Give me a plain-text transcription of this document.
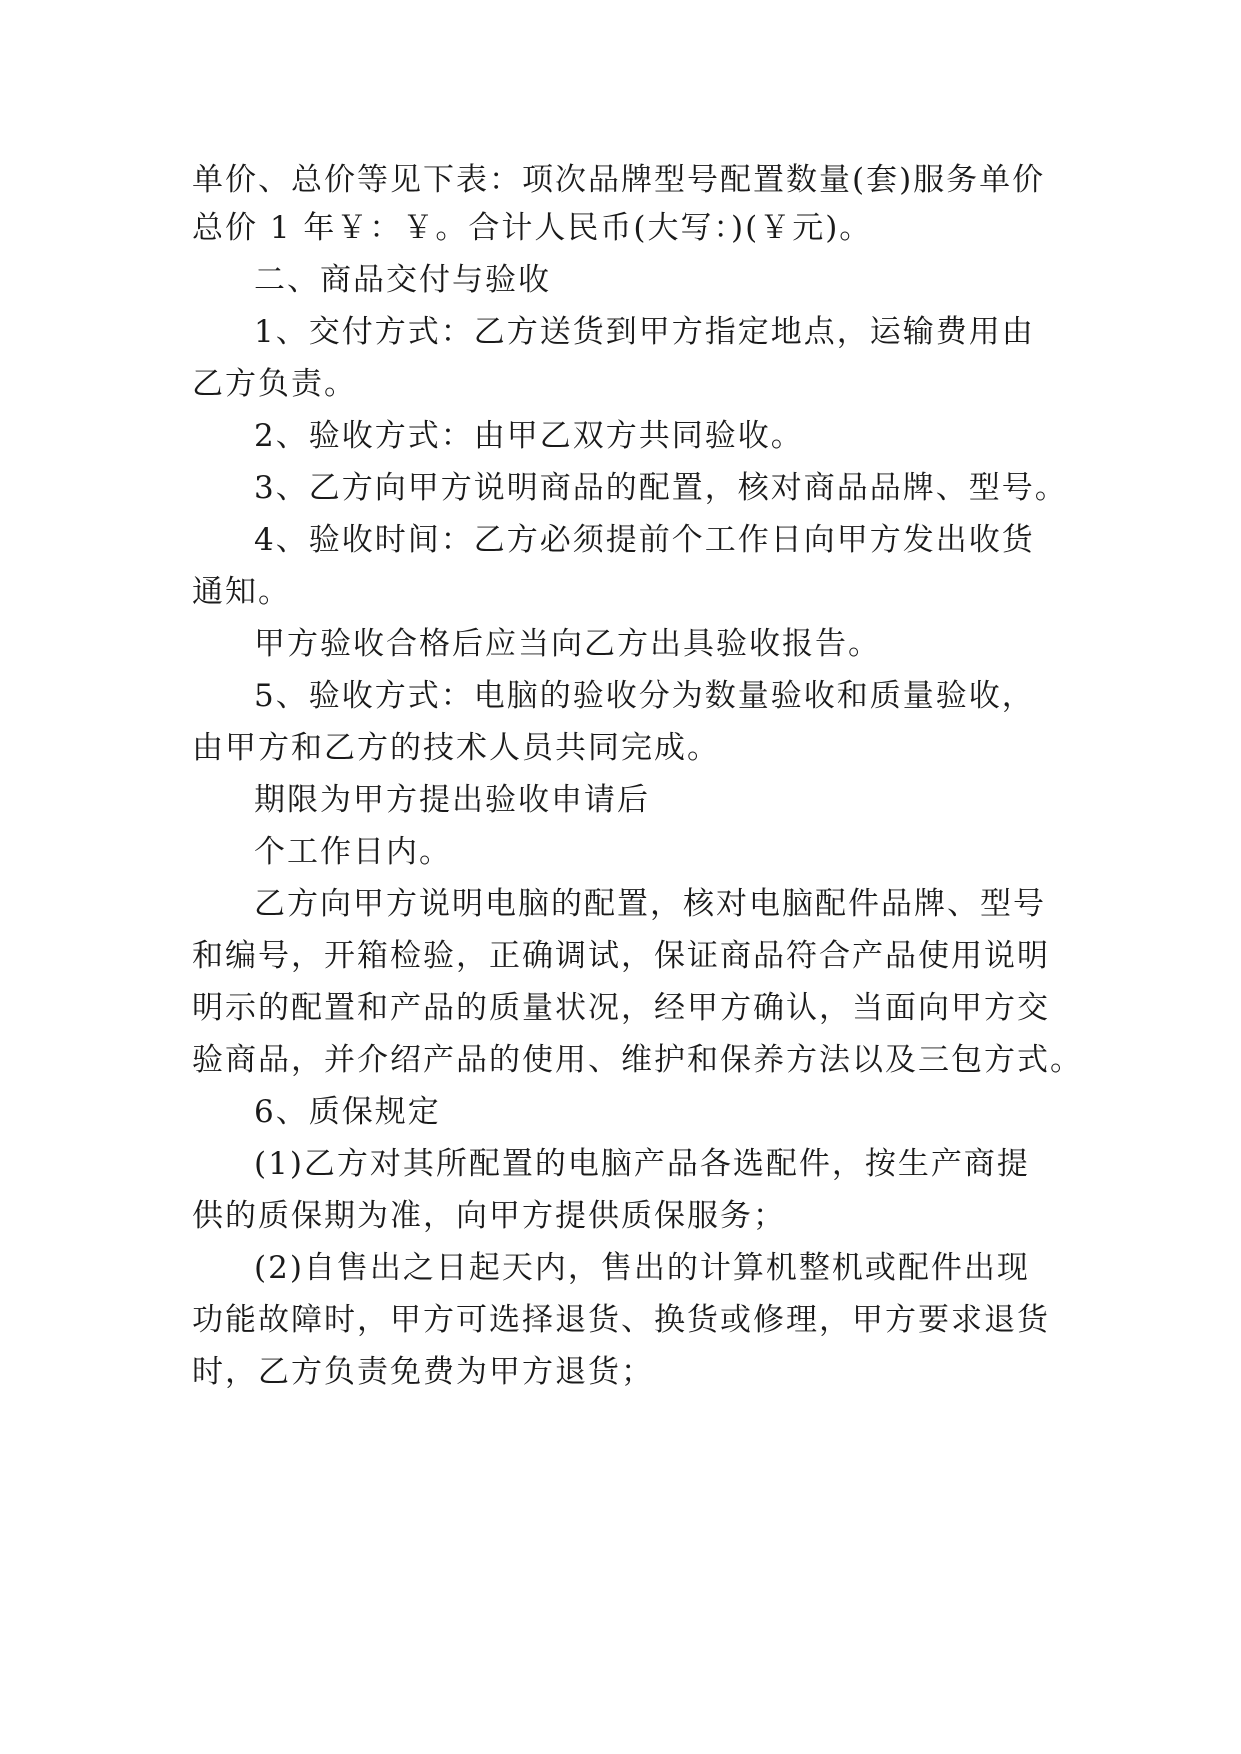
单价、总价等见下表：项次品牌型号配置数量(套)服务单价
总价 1 年￥：￥。合计人民币(大写：)(￥元)。
二、商品交付与验收
1、交付方式：乙方送货到甲方指定地点，运输费用由
乙方负责。
2、验收方式：由甲乙双方共同验收。
3、乙方向甲方说明商品的配置，核对商品品牌、型号。
4、验收时间：乙方必须提前个工作日向甲方发出收货
通知。
甲方验收合格后应当向乙方出具验收报告。
5、验收方式：电脑的验收分为数量验收和质量验收，
由甲方和乙方的技术人员共同完成。
期限为甲方提出验收申请后
个工作日内。
乙方向甲方说明电脑的配置，核对电脑配件品牌、型号
和编号，开箱检验，正确调试，保证商品符合产品使用说明
明示的配置和产品的质量状况，经甲方确认，当面向甲方交
验商品，并介绍产品的使用、维护和保养方法以及三包方式。
6、质保规定
(1)乙方对其所配置的电脑产品各选配件，按生产商提
供的质保期为准，向甲方提供质保服务；
(2)自售出之日起天内，售出的计算机整机或配件出现
功能故障时，甲方可选择退货、换货或修理，甲方要求退货
时，乙方负责免费为甲方退货；
